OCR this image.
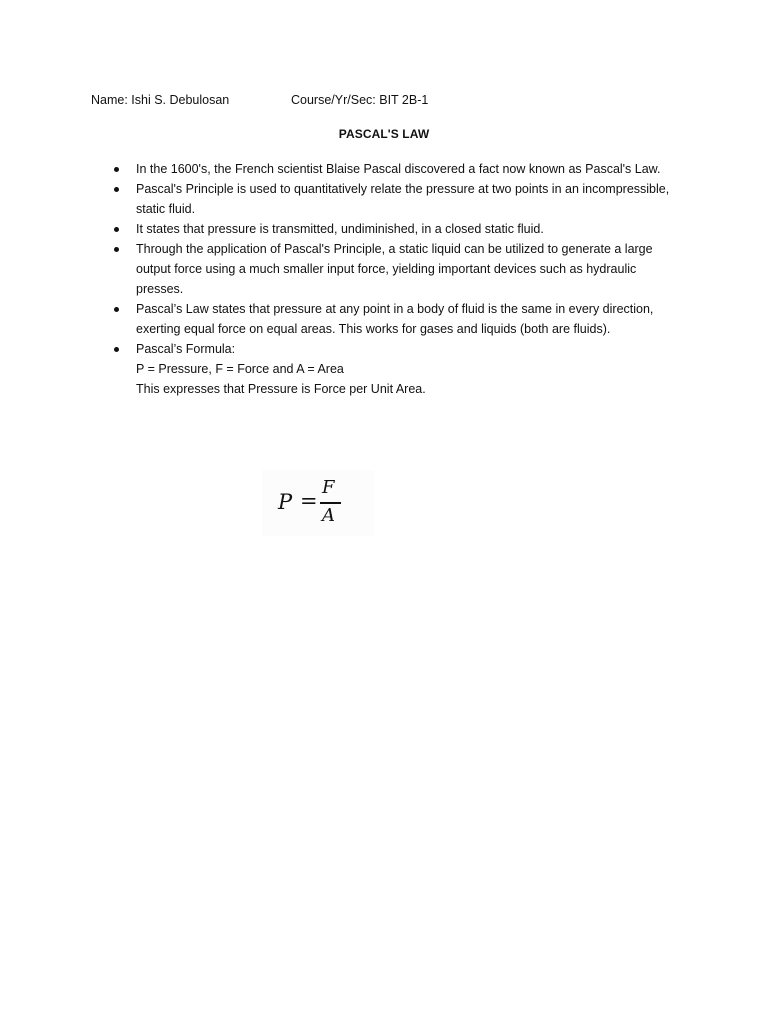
Name: Ishi S. Debulosan	Course/Yr/Sec: BIT 2B-1
PASCAL'S LAW
In the 1600's, the French scientist Blaise Pascal discovered a fact now known as Pascal's Law.
Pascal's Principle is used to quantitatively relate the pressure at two points in an incompressible,
static fluid.
It states that pressure is transmitted, undiminished, in a closed static fluid.
Through the application of Pascal's Principle, a static liquid can be utilized to generate a large
output force using a much smaller input force, yielding important devices such as hydraulic
presses.
Pascal’s Law states that pressure at any point in a body of fluid is the same in every direction,
exerting equal force on equal areas. This works for gases and liquids (both are fluids).
Pascal’s Formula:
P = Pressure, F = Force and A = Area
This expresses that Pressure is Force per Unit Area.
P =
F
A
